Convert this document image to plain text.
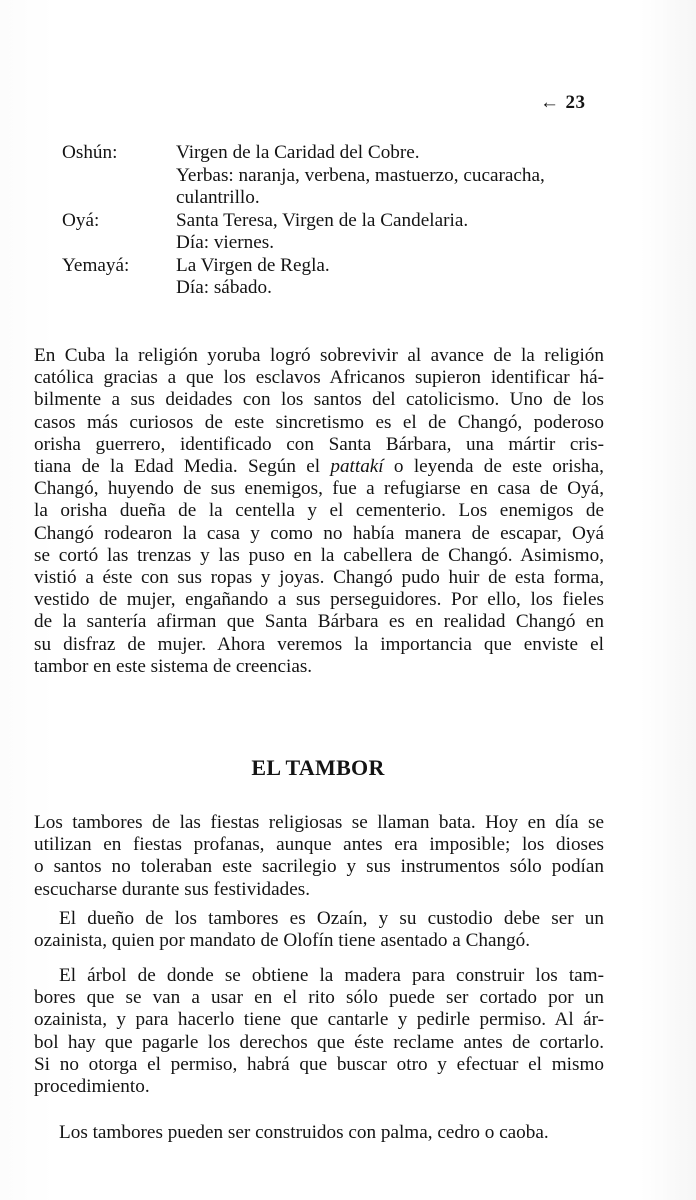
← 23
Oshún:	Virgen de la Caridad del Cobre.
Yerbas: naranja, verbena, mastuerzo, cucaracha,
culantrillo.
Oyá:	Santa Teresa, Virgen de la Candelaria.
Día: viernes.
Yemayá:	La Virgen de Regla.
Día: sábado.
En Cuba la religión yoruba logró sobrevivir al avance de la religión
católica gracias a que los esclavos Africanos supieron identificar há-
bilmente a sus deidades con los santos del catolicismo. Uno de los
casos más curiosos de este sincretismo es el de Changó, poderoso
orisha guerrero, identificado con Santa Bárbara, una mártir cris-
tiana de la Edad Media. Según el pattakí o leyenda de este orisha,
Changó, huyendo de sus enemigos, fue a refugiarse en casa de Oyá,
la orisha dueña de la centella y el cementerio. Los enemigos de
Changó rodearon la casa y como no había manera de escapar, Oyá
se cortó las trenzas y las puso en la cabellera de Changó. Asimismo,
vistió a éste con sus ropas y joyas. Changó pudo huir de esta forma,
vestido de mujer, engañando a sus perseguidores. Por ello, los fieles
de la santería afirman que Santa Bárbara es en realidad Changó en
su disfraz de mujer. Ahora veremos la importancia que enviste el
tambor en este sistema de creencias.
EL TAMBOR
Los tambores de las fiestas religiosas se llaman bata. Hoy en día se
utilizan en fiestas profanas, aunque antes era imposible; los dioses
o santos no toleraban este sacrilegio y sus instrumentos sólo podían
escucharse durante sus festividades.
El dueño de los tambores es Ozaín, y su custodio debe ser un
ozainista, quien por mandato de Olofín tiene asentado a Changó.
El árbol de donde se obtiene la madera para construir los tam-
bores que se van a usar en el rito sólo puede ser cortado por un
ozainista, y para hacerlo tiene que cantarle y pedirle permiso. Al ár-
bol hay que pagarle los derechos que éste reclame antes de cortarlo.
Si no otorga el permiso, habrá que buscar otro y efectuar el mismo
procedimiento.
Los tambores pueden ser construidos con palma, cedro o caoba.
